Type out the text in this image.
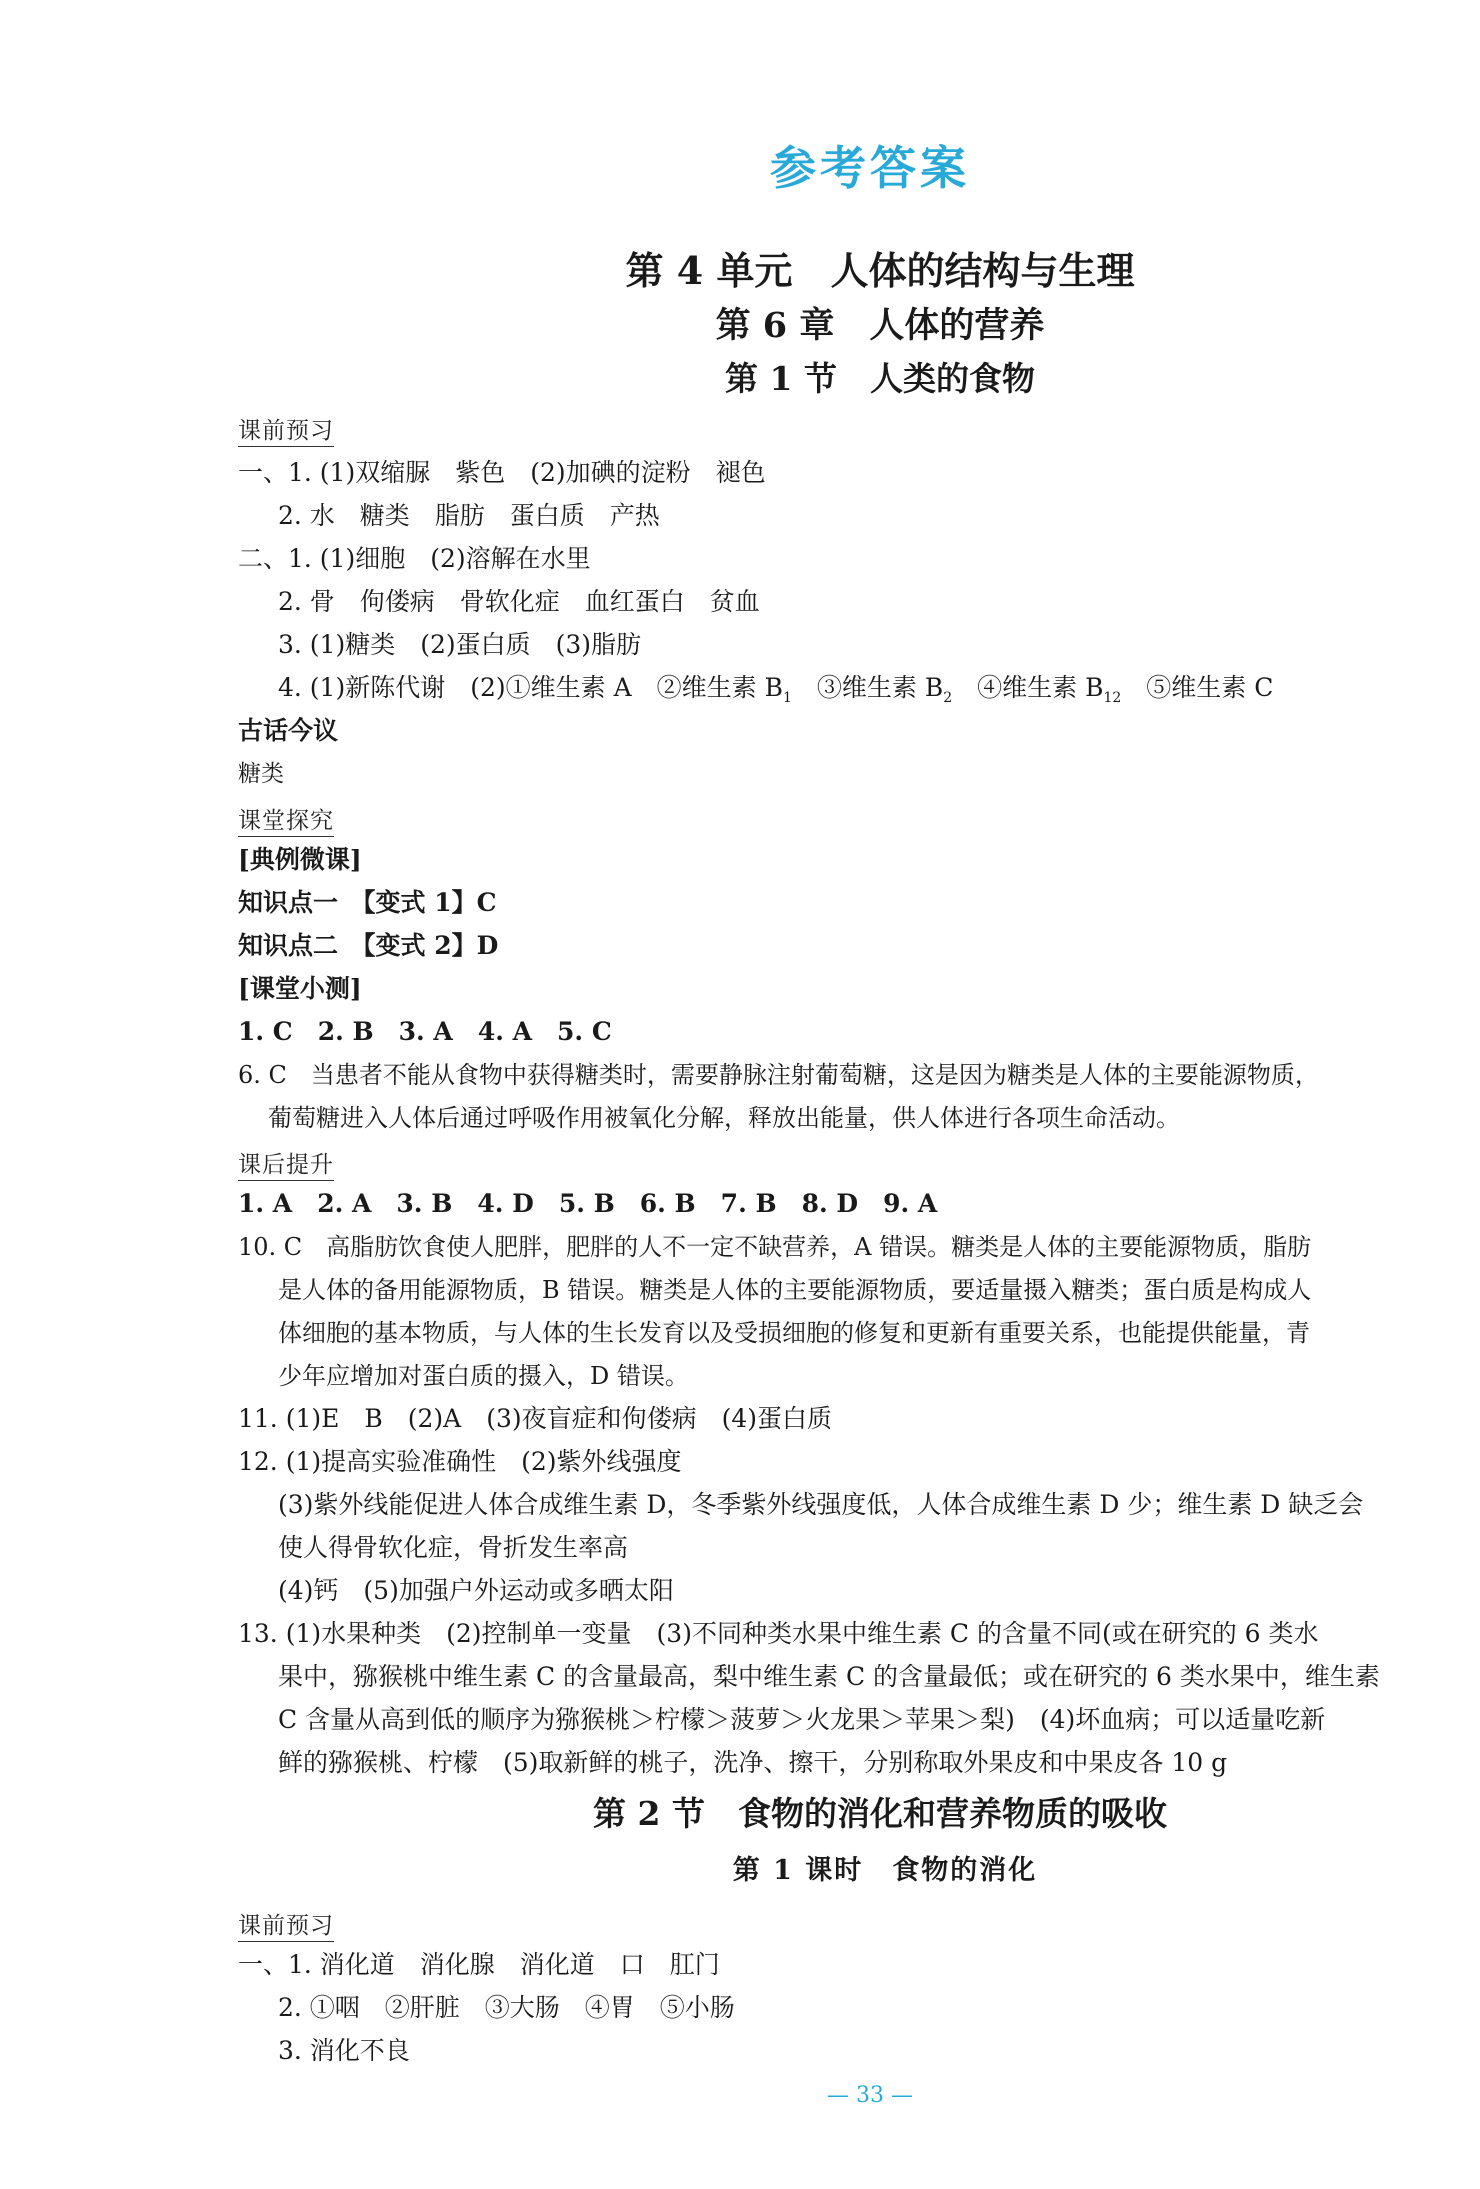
参考答案
第 4 单元　人体的结构与生理
第 6 章　人体的营养
第 1 节　人类的食物
课前预习
一、1. (1)双缩脲　紫色　(2)加碘的淀粉　褪色
2. 水　糖类　脂肪　蛋白质　产热
二、1. (1)细胞　(2)溶解在水里
2. 骨　佝偻病　骨软化症　血红蛋白　贫血
3. (1)糖类　(2)蛋白质　(3)脂肪
4. (1)新陈代谢　(2)①维生素 A　②维生素 $B_1$　③维生素 $B_2$　④维生素 $B_{12}$　⑤维生素 C
古话今议
糖类
课堂探究
[典例微课]
知识点一　【变式 1】C
知识点二　【变式 2】D
[课堂小测]
1. C　2. B　3. A　4. A　5. C
6. C　当患者不能从食物中获得糖类时，需要静脉注射葡萄糖，这是因为糖类是人体的主要能源物质，
葡萄糖进入人体后通过呼吸作用被氧化分解，释放出能量，供人体进行各项生命活动。
课后提升
1. A　2. A　3. B　4. D　5. B　6. B　7. B　8. D　9. A
10. C　高脂肪饮食使人肥胖，肥胖的人不一定不缺营养，A 错误。糖类是人体的主要能源物质，脂肪
是人体的备用能源物质，B 错误。糖类是人体的主要能源物质，要适量摄入糖类；蛋白质是构成人
体细胞的基本物质，与人体的生长发育以及受损细胞的修复和更新有重要关系，也能提供能量，青
少年应增加对蛋白质的摄入，D 错误。
11. (1)E　B　(2)A　(3)夜盲症和佝偻病　(4)蛋白质
12. (1)提高实验准确性　(2)紫外线强度
(3)紫外线能促进人体合成维生素 D，冬季紫外线强度低，人体合成维生素 D 少；维生素 D 缺乏会
使人得骨软化症，骨折发生率高
(4)钙　(5)加强户外运动或多晒太阳
13. (1)水果种类　(2)控制单一变量　(3)不同种类水果中维生素 C 的含量不同(或在研究的 6 类水
果中，猕猴桃中维生素 C 的含量最高，梨中维生素 C 的含量最低；或在研究的 6 类水果中，维生素
C 含量从高到低的顺序为猕猴桃＞柠檬＞菠萝＞火龙果＞苹果＞梨)　(4)坏血病；可以适量吃新
鲜的猕猴桃、柠檬　(5)取新鲜的桃子，洗净、擦干，分别称取外果皮和中果皮各 10 g
第 2 节　食物的消化和营养物质的吸收
第 1 课时　食物的消化
课前预习
一、1. 消化道　消化腺　消化道　口　肛门
2. ①咽　②肝脏　③大肠　④胃　⑤小肠
3. 消化不良
— 33 —
